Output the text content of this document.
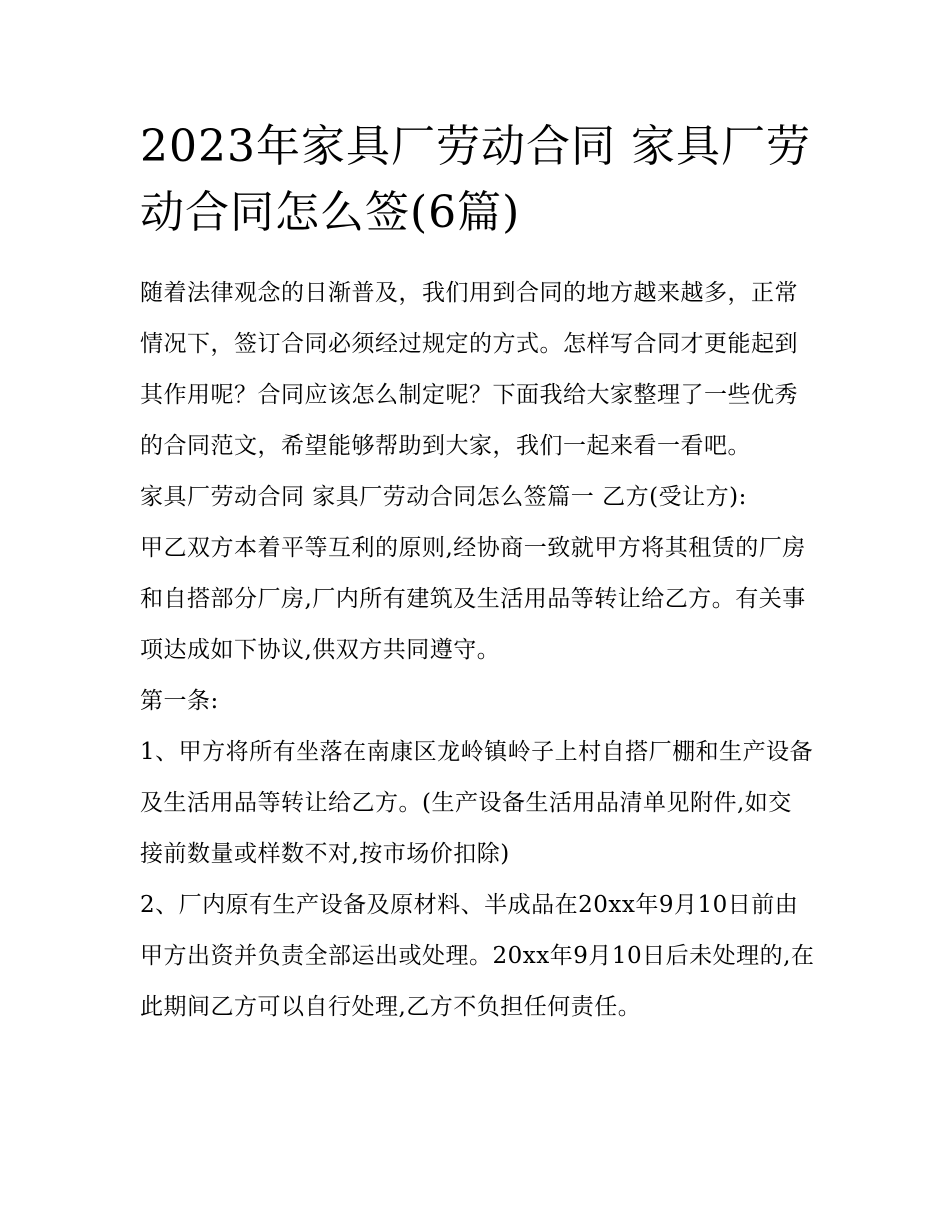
2023年家具厂劳动合同 家具厂劳动合同怎么签(6篇)

随着法律观念的日渐普及，我们用到合同的地方越来越多，正常情况下，签订合同必须经过规定的方式。怎样写合同才更能起到其作用呢？合同应该怎么制定呢？下面我给大家整理了一些优秀的合同范文，希望能够帮助到大家，我们一起来看一看吧。

家具厂劳动合同 家具厂劳动合同怎么签篇一 乙方(受让方):

甲乙双方本着平等互利的原则,经协商一致就甲方将其租赁的厂房和自搭部分厂房,厂内所有建筑及生活用品等转让给乙方。有关事项达成如下协议,供双方共同遵守。

第一条:

1、甲方将所有坐落在南康区龙岭镇岭子上村自搭厂棚和生产设备及生活用品等转让给乙方。(生产设备生活用品清单见附件,如交接前数量或样数不对,按市场价扣除)

2、厂内原有生产设备及原材料、半成品在20xx年9月10日前由甲方出资并负责全部运出或处理。20xx年9月10日后未处理的,在此期间乙方可以自行处理,乙方不负担任何责任。
